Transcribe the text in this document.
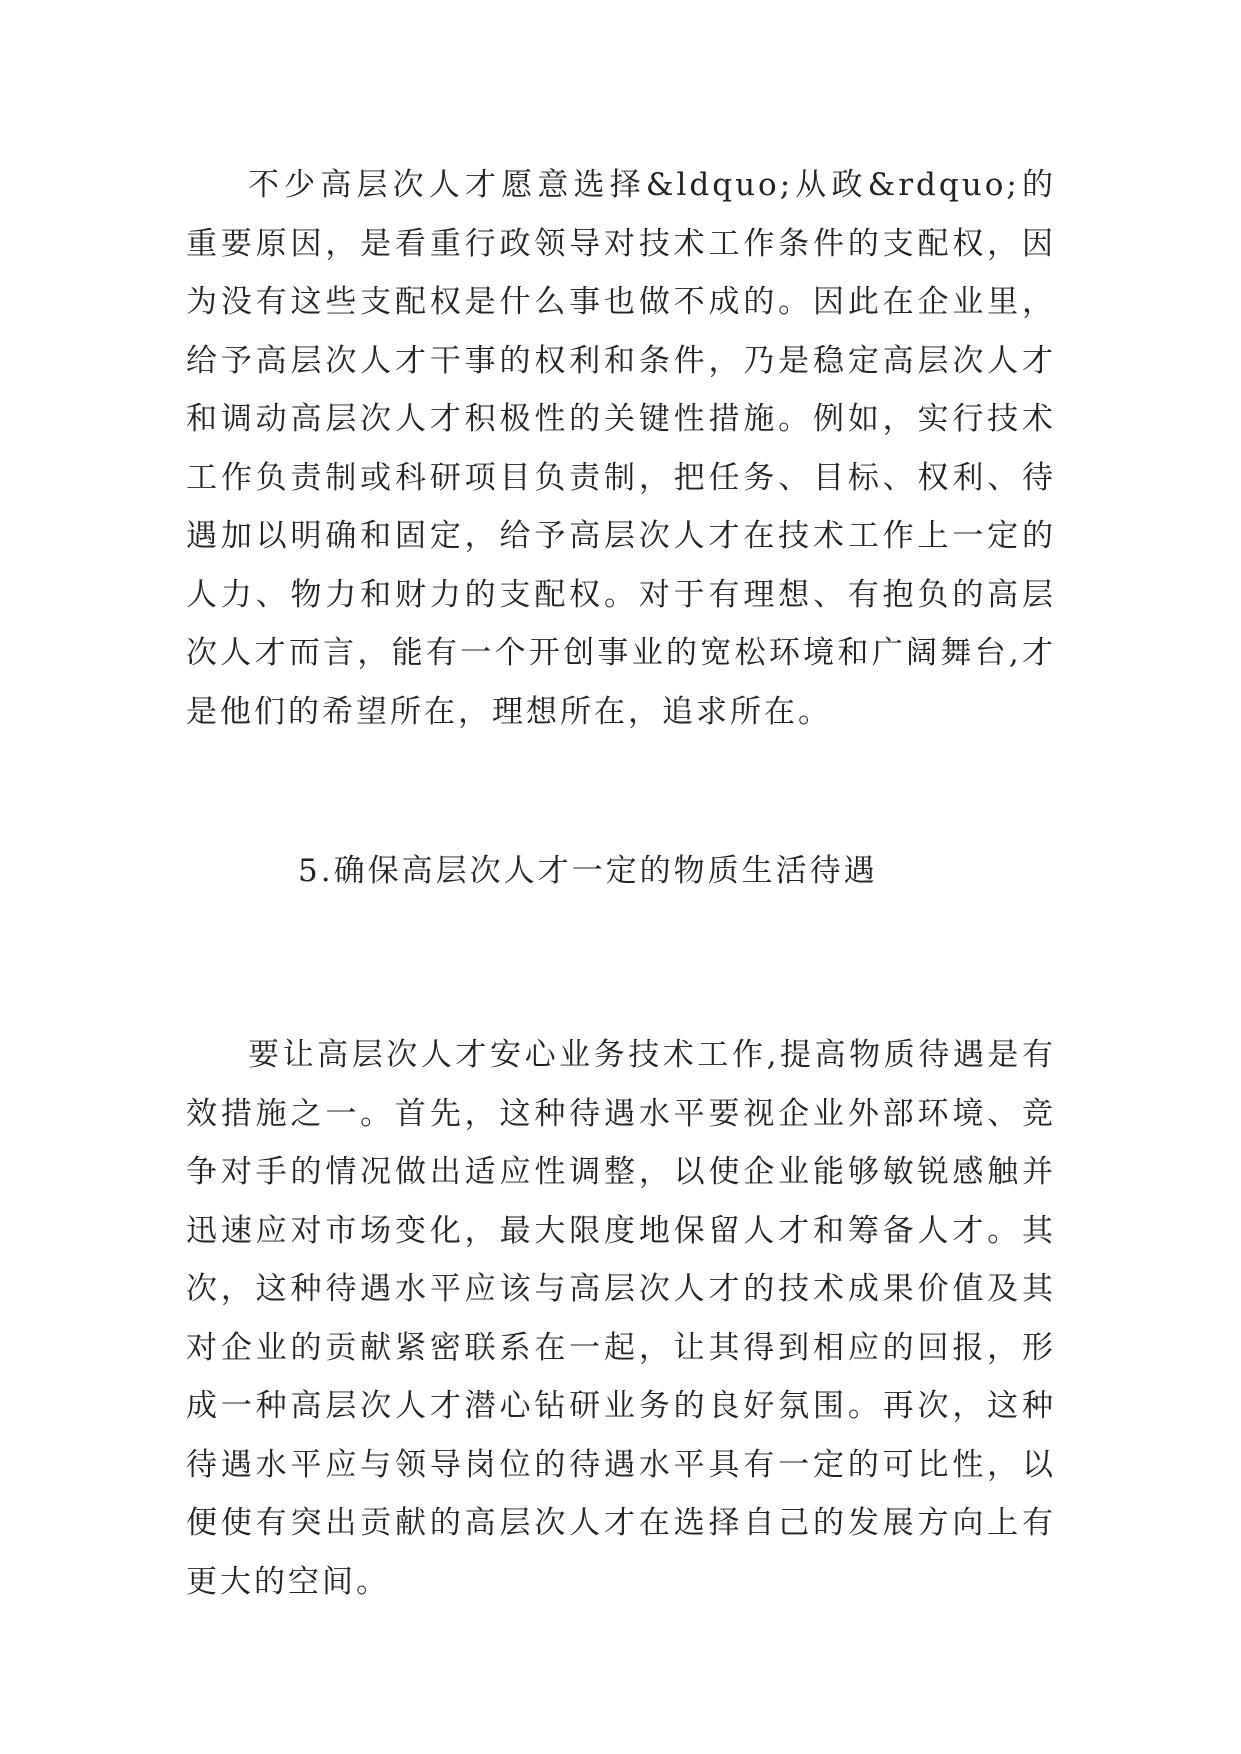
不少高层次人才愿意选择&ldquo;从政&rdquo;的重要原因，是看重行政领导对技术工作条件的支配权，因为没有这些支配权是什么事也做不成的。因此在企业里，给予高层次人才干事的权利和条件，乃是稳定高层次人才和调动高层次人才积极性的关键性措施。例如，实行技术工作负责制或科研项目负责制，把任务、目标、权利、待遇加以明确和固定，给予高层次人才在技术工作上一定的人力、物力和财力的支配权。对于有理想、有抱负的高层次人才而言，能有一个开创事业的宽松环境和广阔舞台,才是他们的希望所在，理想所在，追求所在。

5.确保高层次人才一定的物质生活待遇

要让高层次人才安心业务技术工作,提高物质待遇是有效措施之一。首先，这种待遇水平要视企业外部环境、竞争对手的情况做出适应性调整，以使企业能够敏锐感触并迅速应对市场变化，最大限度地保留人才和筹备人才。其次，这种待遇水平应该与高层次人才的技术成果价值及其对企业的贡献紧密联系在一起，让其得到相应的回报，形成一种高层次人才潜心钻研业务的良好氛围。再次，这种待遇水平应与领导岗位的待遇水平具有一定的可比性，以便使有突出贡献的高层次人才在选择自己的发展方向上有更大的空间。
